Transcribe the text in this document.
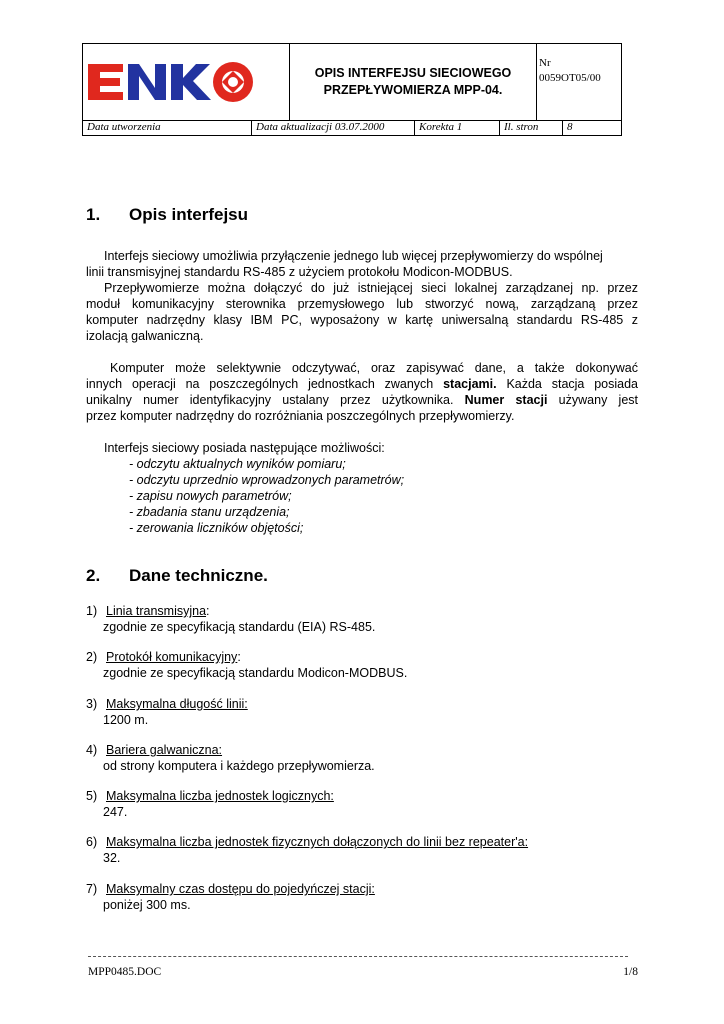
OPIS INTERFEJSU SIECIOWEGO
PRZEPŁYWOMIERZA MPP-04.
Nr
0059OT05/00
Data utworzenia	Data aktualizacji 03.07.2000	Korekta 1	Il. stron	8
1. Opis interfejsu
Interfejs sieciowy umożliwia przyłączenie jednego lub więcej przepływomierzy do wspólnej
linii transmisyjnej standardu RS-485 z użyciem protokołu Modicon-MODBUS.
Przepływomierze można dołączyć do już istniejącej sieci lokalnej zarządzanej np. przez
moduł komunikacyjny sterownika przemysłowego lub stworzyć nową, zarządzaną przez
komputer nadrzędny klasy IBM PC, wyposażony w kartę uniwersalną standardu RS-485 z
izolacją galwaniczną.
Komputer może selektywnie odczytywać, oraz zapisywać dane, a także dokonywać
innych operacji na poszczególnych jednostkach zwanych stacjami. Każda stacja posiada
unikalny numer identyfikacyjny ustalany przez użytkownika. Numer stacji używany jest
przez komputer nadrzędny do rozróżniania poszczególnych przepływomierzy.
Interfejs sieciowy posiada następujące możliwości:
- odczytu aktualnych wyników pomiaru;
- odczytu uprzednio wprowadzonych parametrów;
- zapisu nowych parametrów;
- zbadania stanu urządzenia;
- zerowania liczników objętości;
2. Dane techniczne.
1) Linia transmisyjna:
zgodnie ze specyfikacją standardu (EIA) RS-485.
2) Protokół komunikacyjny:
zgodnie ze specyfikacją standardu Modicon-MODBUS.
3) Maksymalna długość linii:
1200 m.
4) Bariera galwaniczna:
od strony komputera i każdego przepływomierza.
5) Maksymalna liczba jednostek logicznych:
247.
6) Maksymalna liczba jednostek fizycznych dołączonych do linii bez repeater'a:
32.
7) Maksymalny czas dostępu do pojedyńczej stacji:
poniżej 300 ms.
MPP0485.DOC	1/8
